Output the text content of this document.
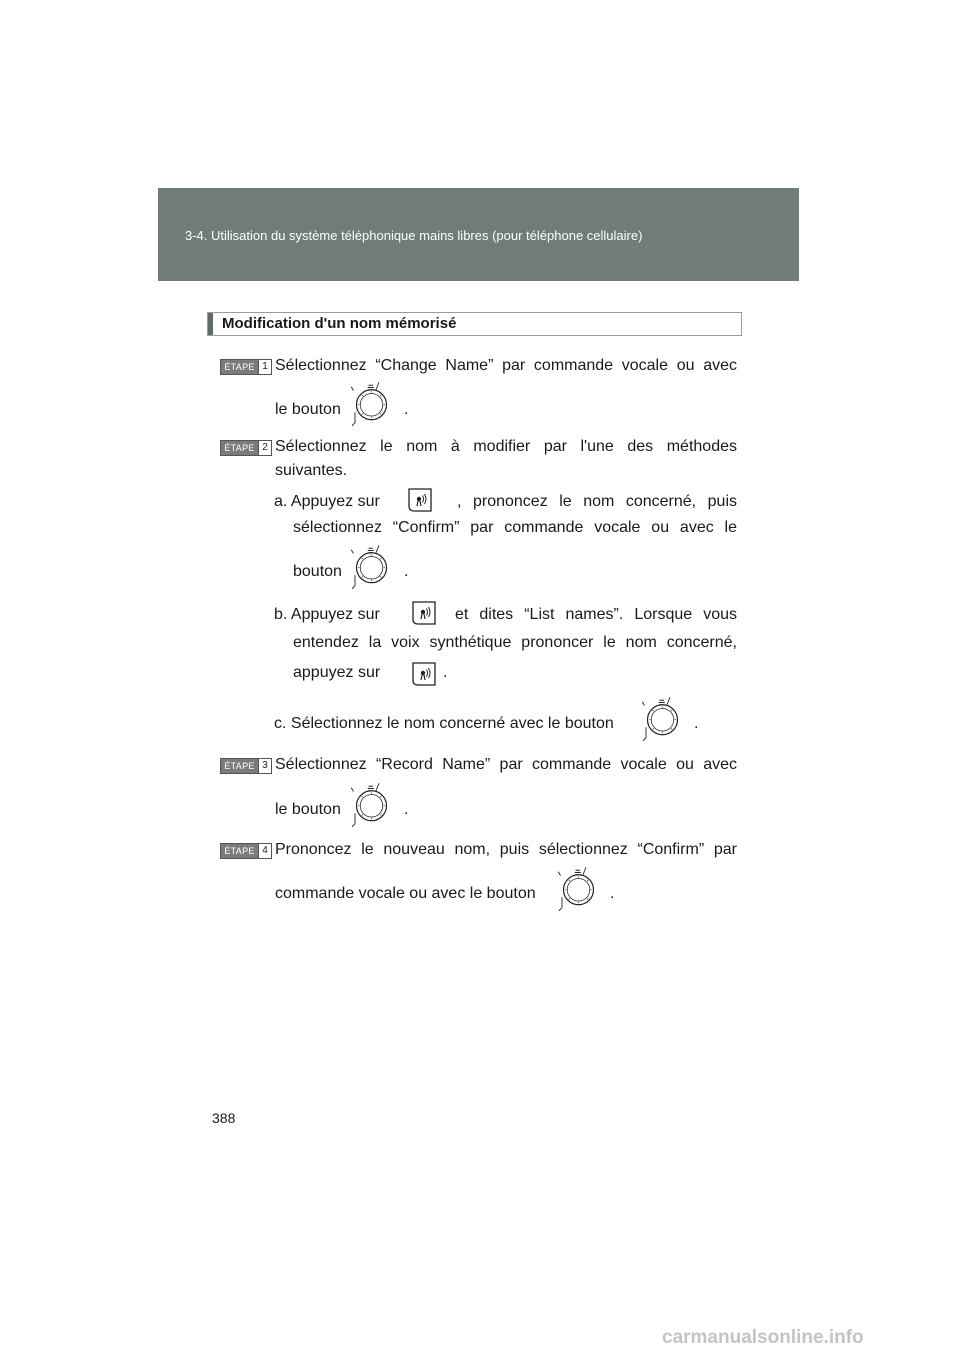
3-4. Utilisation du système téléphonique mains libres (pour téléphone cellulaire)
Modification d'un nom mémorisé
ÉTAPE 1 Sélectionnez “Change Name” par commande vocale ou avec
le bouton	.
ÉTAPE 2 Sélectionnez le nom à modifier par l'une des méthodes
suivantes.
a. Appuyez sur	, prononcez le nom concerné, puis
sélectionnez “Confirm” par commande vocale ou avec le
bouton	.
b. Appuyez sur	et dites “List names”. Lorsque vous
entendez la voix synthétique prononcer le nom concerné,
appuyez sur	.
c. Sélectionnez le nom concerné avec le bouton	.
ÉTAPE 3 Sélectionnez “Record Name” par commande vocale ou avec
le bouton	.
ÉTAPE 4 Prononcez le nouveau nom, puis sélectionnez “Confirm” par
commande vocale ou avec le bouton	.
388
carmanualsonline.info
